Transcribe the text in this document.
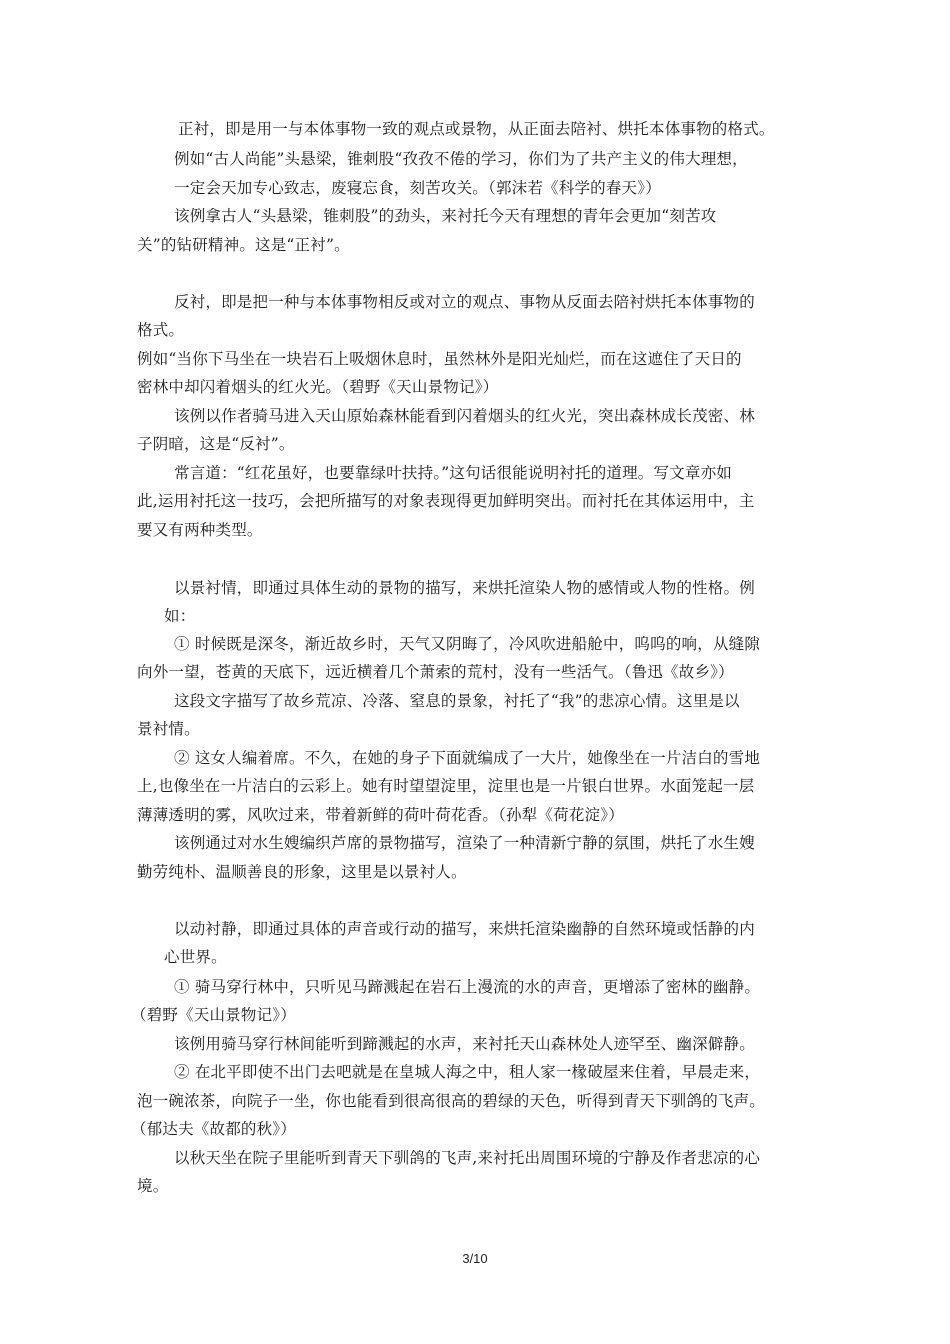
正衬，即是用一与本体事物一致的观点或景物，从正面去陪衬、烘托本体事物的格式。
例如“古人尚能”头悬梁，锥刺股“孜孜不倦的学习，你们为了共产主义的伟大理想，
一定会天加专心致志，废寝忘食，刻苦攻关。（郭沫若《科学的春天》）
该例拿古人“头悬梁，锥刺股”的劲头，来衬托今天有理想的青年会更加“刻苦攻
关”的钻研精神。这是“正衬”。
反衬，即是把一种与本体事物相反或对立的观点、事物从反面去陪衬烘托本体事物的
格式。
例如“当你下马坐在一块岩石上吸烟休息时，虽然林外是阳光灿烂，而在这遮住了天日的
密林中却闪着烟头的红火光。（碧野《天山景物记》）
该例以作者骑马进入天山原始森林能看到闪着烟头的红火光，突出森林成长茂密、林
子阴暗，这是“反衬”。
常言道：“红花虽好，也要靠绿叶扶持。”这句话很能说明衬托的道理。写文章亦如
此,运用衬托这一技巧，会把所描写的对象表现得更加鲜明突出。而衬托在其体运用中，主
要又有两种类型。
以景衬情，即通过具体生动的景物的描写，来烘托渲染人物的感情或人物的性格。例
如：
① 时候既是深冬，渐近故乡时，天气又阴晦了，冷风吹进船舱中，呜呜的响，从缝隙
向外一望，苍黄的天底下，远近横着几个萧索的荒村，没有一些活气。（鲁迅《故乡》）
这段文字描写了故乡荒凉、冷落、窒息的景象，衬托了“我”的悲凉心情。这里是以
景衬情。
② 这女人编着席。不久，在她的身子下面就编成了一大片，她像坐在一片洁白的雪地
上,也像坐在一片洁白的云彩上。她有时望望淀里，淀里也是一片银白世界。水面笼起一层
薄薄透明的雾，风吹过来，带着新鲜的荷叶荷花香。（孙犁《荷花淀》）
该例通过对水生嫂编织芦席的景物描写，渲染了一种清新宁静的氛围，烘托了水生嫂
勤劳纯朴、温顺善良的形象，这里是以景衬人。
以动衬静，即通过具体的声音或行动的描写，来烘托渲染幽静的自然环境或恬静的内
心世界。
① 骑马穿行林中，只听见马蹄溅起在岩石上漫流的水的声音，更增添了密林的幽静。
（碧野《天山景物记》）
该例用骑马穿行林间能听到蹄溅起的水声，来衬托天山森林处人迹罕至、幽深僻静。
② 在北平即使不出门去吧就是在皇城人海之中，租人家一椽破屋来住着，早晨走来，
泡一碗浓茶，向院子一坐，你也能看到很高很高的碧绿的天色，听得到青天下驯鸽的飞声。
（郁达夫《故都的秋》）
以秋天坐在院子里能听到青天下驯鸽的飞声,来衬托出周围环境的宁静及作者悲凉的心
境。
3/10
